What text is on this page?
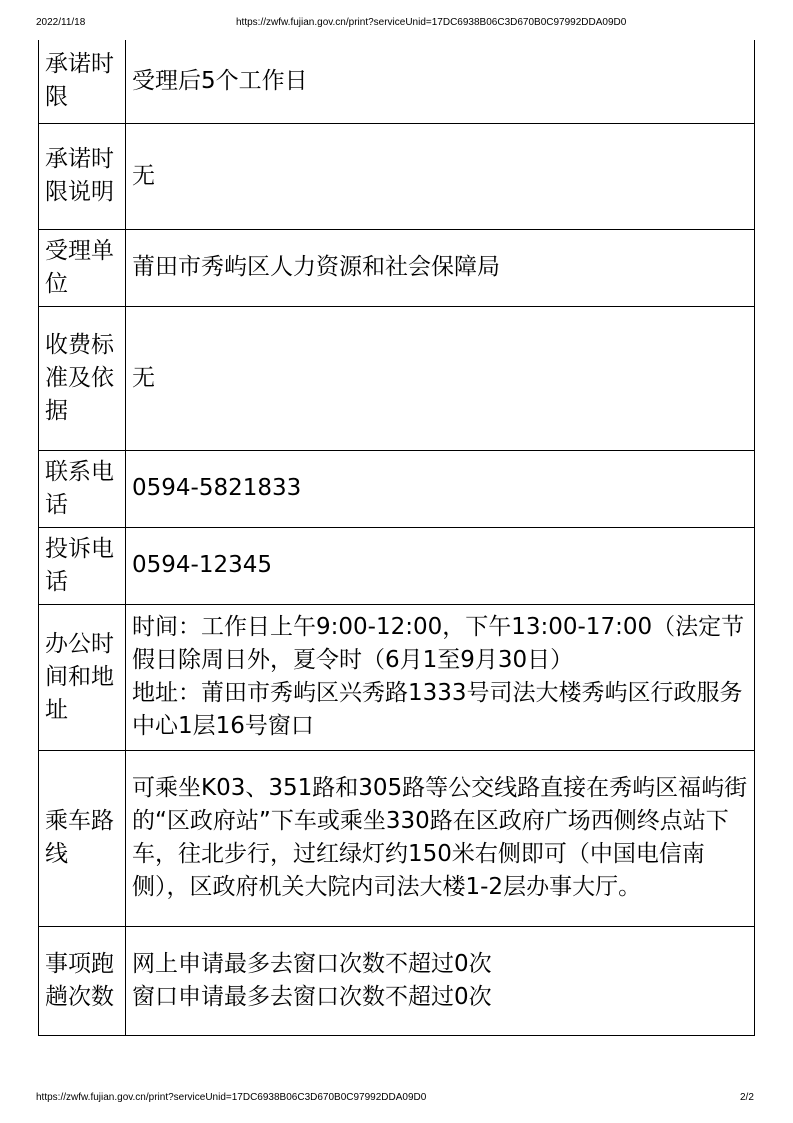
2022/11/18	https://zwfw.fujian.gov.cn/print?serviceUnid=17DC6938B06C3D670B0C97992DDA09D0
承诺时限	受理后5个工作日

承诺时限说明	无

受理单位	莆田市秀屿区人力资源和社会保障局

收费标准及依据	无

联系电话	0594-5821833

投诉电话	0594-12345

办公时间和地址	时间：工作日上午9:00-12:00，下午13:00-17:00（法定节假日除周日外，夏令时（6月1至9月30日）
地址：莆田市秀屿区兴秀路1333号司法大楼秀屿区行政服务中心1层16号窗口

乘车路线	可乘坐K03、351路和305路等公交线路直接在秀屿区福屿街的“区政府站”下车或乘坐330路在区政府广场西侧终点站下车，往北步行，过红绿灯约150米右侧即可（中国电信南侧），区政府机关大院内司法大楼1-2层办事大厅。

事项跑趟次数	网上申请最多去窗口次数不超过0次
窗口申请最多去窗口次数不超过0次
https://zwfw.fujian.gov.cn/print?serviceUnid=17DC6938B06C3D670B0C97992DDA09D0	2/2
